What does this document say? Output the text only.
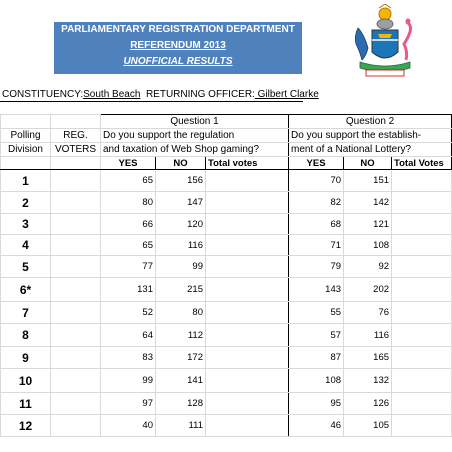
PARLIAMENTARY REGISTRATION DEPARTMENT
REFERENDUM 2013
UNOFFICIAL RESULTS
CONSTITUENCY:South Beach RETURNING OFFICER: Gilbert Clarke
		Question 1			Question 2		
Polling	REG.	Do you support the regulation			Do you support the establish-		
Division	VOTERS	and taxation of Web Shop gaming?			ment of a National Lottery?		
		YES	NO	Total votes	YES	NO	Total Votes
1		65	156		70	151	
2		80	147		82	142	
3		66	120		68	121	
4		65	116		71	108	
5		77	99		79	92	
6*		131	215		143	202	
7		52	80		55	76	
8		64	112		57	116	
9		83	172		87	165	
10		99	141		108	132	
11		97	128		95	126	
12		40	111		46	105	
